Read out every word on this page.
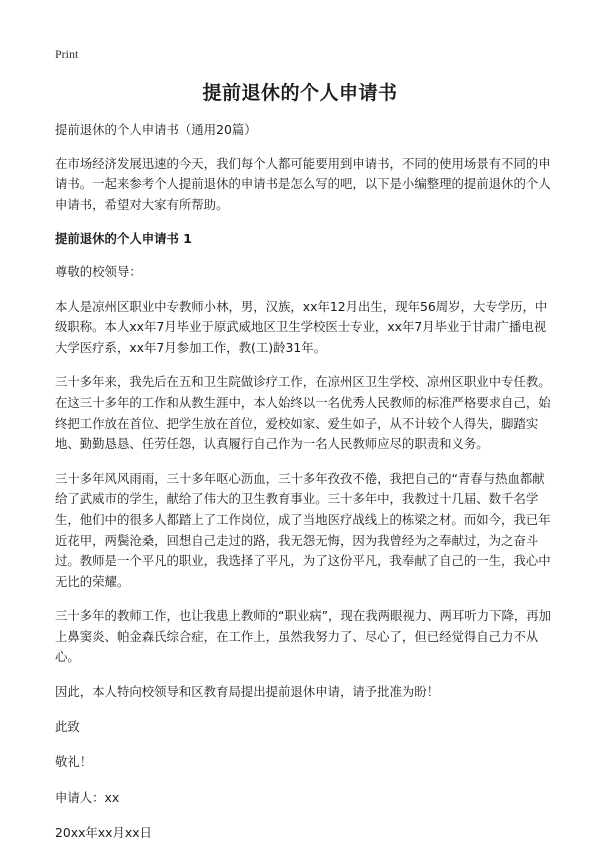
Print
提前退休的个人申请书

提前退休的个人申请书（通用20篇）

在市场经济发展迅速的今天，我们每个人都可能要用到申请书，不同的使用场景有不同的申请书。一起来参考个人提前退休的申请书是怎么写的吧，以下是小编整理的提前退休的个人申请书，希望对大家有所帮助。

提前退休的个人申请书 1

尊敬的校领导：

本人是凉州区职业中专教师小林，男，汉族，xx年12月出生，现年56周岁，大专学历，中级职称。本人xx年7月毕业于原武威地区卫生学校医士专业，xx年7月毕业于甘肃广播电视大学医疗系，xx年7月参加工作，教(工)龄31年。

三十多年来，我先后在五和卫生院做诊疗工作，在凉州区卫生学校、凉州区职业中专任教。在这三十多年的工作和从教生涯中，本人始终以一名优秀人民教师的标准严格要求自己，始终把工作放在首位、把学生放在首位，爱校如家、爱生如子，从不计较个人得失，脚踏实地、勤勤恳恳、任劳任怨，认真履行自己作为一名人民教师应尽的职责和义务。

三十多年风风雨雨，三十多年呕心沥血，三十多年孜孜不倦，我把自己的“青春与热血都献给了武威市的学生，献给了伟大的卫生教育事业。三十多年中，我教过十几届、数千名学生，他们中的很多人都踏上了工作岗位，成了当地医疗战线上的栋梁之材。而如今，我已年近花甲，两鬓沧桑，回想自己走过的路，我无怨无悔，因为我曾经为之奉献过，为之奋斗过。教师是一个平凡的职业，我选择了平凡，为了这份平凡，我奉献了自己的一生，我心中无比的荣耀。

三十多年的教师工作，也让我患上教师的“职业病”，现在我两眼视力、两耳听力下降，再加上鼻窦炎、帕金森氏综合症，在工作上，虽然我努力了、尽心了，但已经觉得自己力不从心。

因此，本人特向校领导和区教育局提出提前退休申请，请予批准为盼！

此致

敬礼！

申请人：xx

20xx年xx月xx日
